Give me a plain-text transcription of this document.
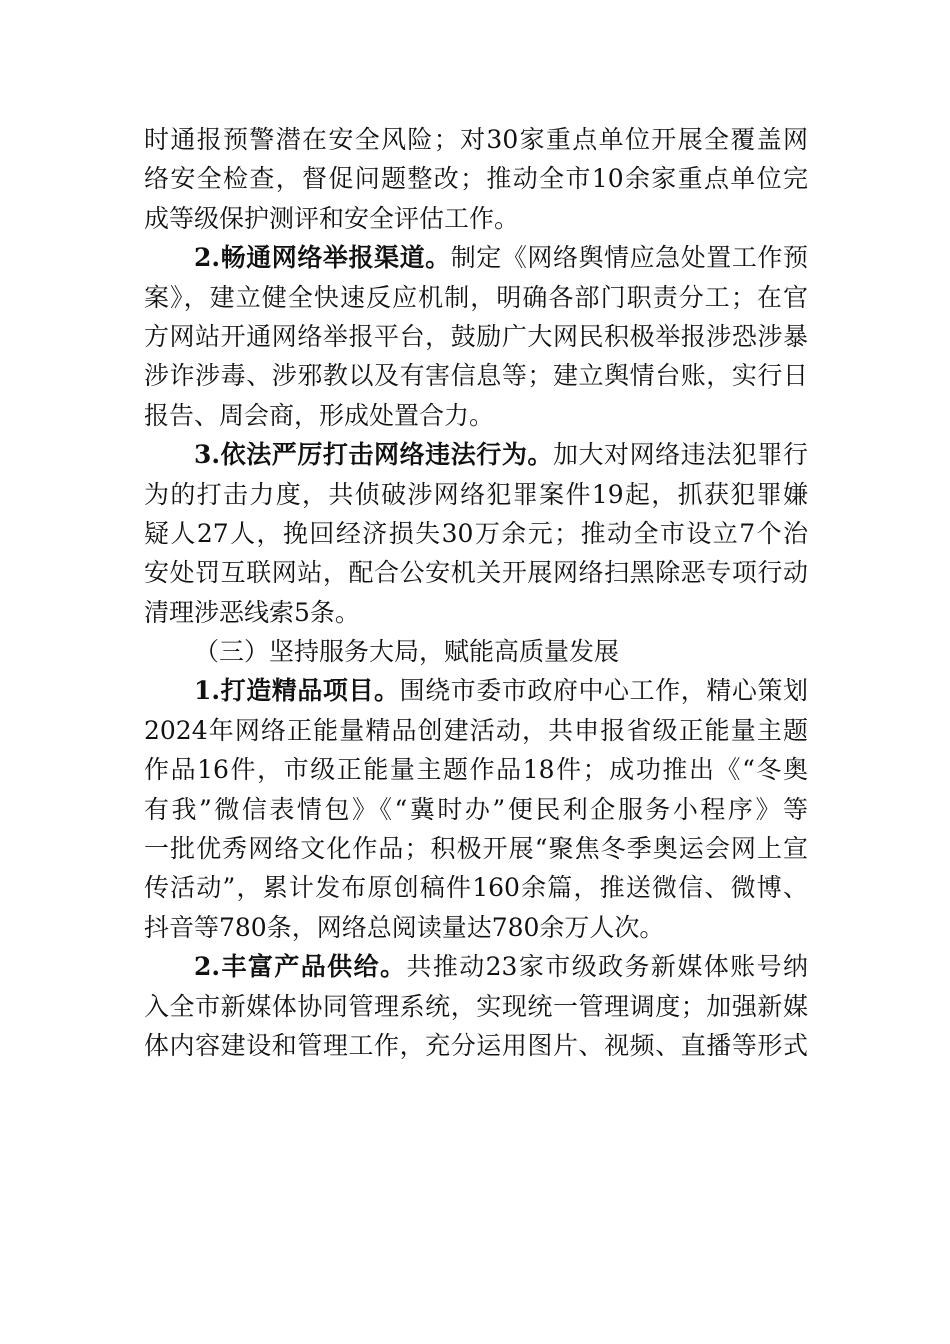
时通报预警潜在安全风险；对30家重点单位开展全覆盖网
络安全检查，督促问题整改；推动全市10余家重点单位完
成等级保护测评和安全评估工作。
2.畅通网络举报渠道。制定《网络舆情应急处置工作预
案》，建立健全快速反应机制，明确各部门职责分工；在官
方网站开通网络举报平台，鼓励广大网民积极举报涉恐涉暴
涉诈涉毒、涉邪教以及有害信息等；建立舆情台账，实行日
报告、周会商，形成处置合力。
3.依法严厉打击网络违法行为。加大对网络违法犯罪行
为的打击力度，共侦破涉网络犯罪案件19起，抓获犯罪嫌
疑人27人，挽回经济损失30万余元；推动全市设立7个治
安处罚互联网站，配合公安机关开展网络扫黑除恶专项行动
清理涉恶线索5条。
（三）坚持服务大局，赋能高质量发展
1.打造精品项目。围绕市委市政府中心工作，精心策划
2024年网络正能量精品创建活动，共申报省级正能量主题
作品16件，市级正能量主题作品18件；成功推出《“冬奥
有我”微信表情包》《“冀时办”便民利企服务小程序》等
一批优秀网络文化作品；积极开展“聚焦冬季奥运会网上宣
传活动”，累计发布原创稿件160余篇，推送微信、微博、
抖音等780条，网络总阅读量达780余万人次。
2.丰富产品供给。共推动23家市级政务新媒体账号纳
入全市新媒体协同管理系统，实现统一管理调度；加强新媒
体内容建设和管理工作，充分运用图片、视频、直播等形式
